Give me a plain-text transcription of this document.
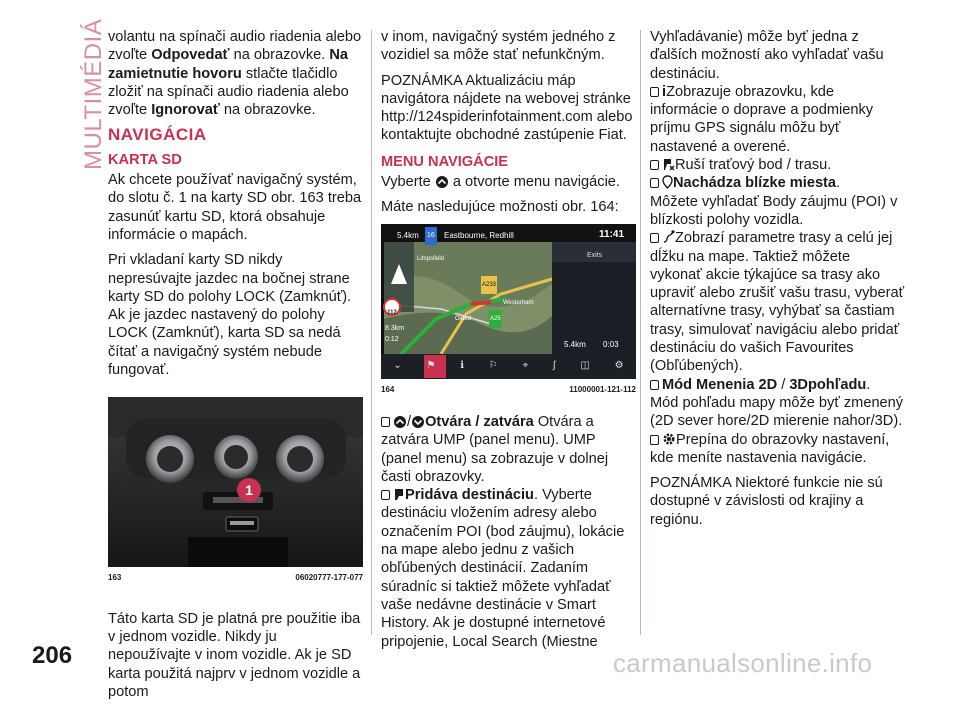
MULTIMÉDIÁ volantu na spínači audio riadenia alebo zvoľte Odpovedať na obrazovke. Na zamietnutie hovoru stlačte tlačidlo zložiť na spínači audio riadenia alebo zvoľte Ignorovať na obrazovke.

NAVIGÁCIA
KARTA SD

Ak chcete používať navigačný systém, do slotu č. 1 na karty SD obr. 163 treba zasunúť kartu SD, ktorá obsahuje informácie o mapách.

Pri vkladaní karty SD nikdy nepresúvajte jazdec na bočnej strane karty SD do polohy LOCK (Zamknúť). Ak je jazdec nastavený do polohy LOCK (Zamknúť), karta SD sa nedá čítať a navigačný systém nebude fungovať.

1
163	06020777-177-077

Táto karta SD je platná pre použitie iba v jednom vozidle. Nikdy ju nepoužívajte v inom vozidle. Ak je SD karta použitá najprv v jednom vozidle a potom

v inom, navigačný systém jedného z vozidiel sa môže stať nefunkčným.

POZNÁMKA Aktualizáciu máp navigátora nájdete na webovej stránke http://124spiderinfotainment.com alebo kontaktujte obchodné zastúpenie Fiat.

MENU NAVIGÁCIE

Vyberte  a otvorte menu navigácie.

Máte nasledujúce možnosti obr. 164:

5.4km 16 Eastbourne, Redhill	11:41
Exits
112
8.3km
0:12
A233
A25
Oxted
Westerham
Limpsfield
5.4km 0:03
⌄ ⚑ ℹ ⚐ ⌖ ∫ ◫ ⚙
164	11000001-121-112

/ Otvára / zatvára Otvára a zatvára UMP (panel menu). UMP (panel menu) sa zobrazuje v dolnej časti obrazovky.

Pridáva destináciu. Vyberte destináciu vložením adresy alebo označením POI (bod záujmu), lokácie na mape alebo jednu z vašich obľúbených destinácií. Zadaním súradníc si taktiež môžete vyhľadať vaše nedávne destinácie v Smart History. Ak je dostupné internetové pripojenie, Local Search (Miestne

Vyhľadávanie) môže byť jedna z ďalších možností ako vyhľadať vašu destináciu.

iZobrazuje obrazovku, kde informácie o doprave a podmienky príjmu GPS signálu môžu byť nastavené a overené.

Ruší traťový bod / trasu.

Nachádza blízke miesta.
Môžete vyhľadať Body záujmu (POI) v blízkosti polohy vozidla.

Zobrazí parametre trasy a celú jej dĺžku na mape. Taktiež môžete vykonať akcie týkajúce sa trasy ako upraviť alebo zrušiť vašu trasu, vyberať alternatívne trasy, vyhýbať sa častiam trasy, simulovať navigáciu alebo pridať destináciu do vašich Favourites (Obľúbených).

Mód Menenia 2D / 3Dpohľadu.
Mód pohľadu mapy môže byť zmenený (2D sever hore/2D mierenie nahor/3D).

Prepína do obrazovky nastavení, kde meníte nastavenia navigácie.

POZNÁMKA Niektoré funkcie nie sú dostupné v závislosti od krajiny a regiónu.

206	carmanualsonline.info
